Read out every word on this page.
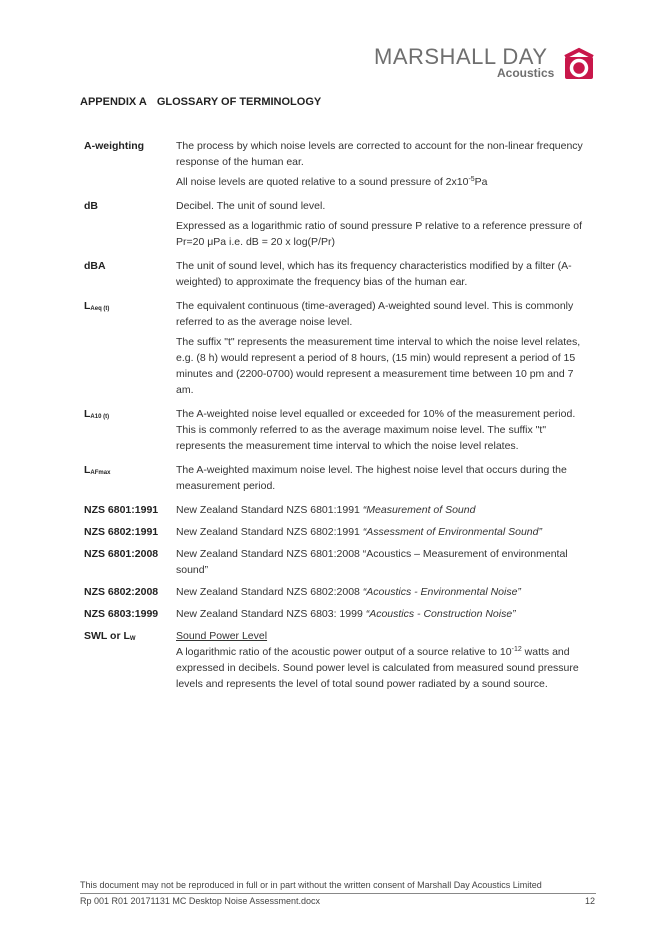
MARSHALL DAY
Acoustics
APPENDIX A GLOSSARY OF TERMINOLOGY
A-weighting	The process by which noise levels are corrected to account for the non-linear frequency response of the human ear.

All noise levels are quoted relative to a sound pressure of $2x10^{-5}Pa$

dB	Decibel. The unit of sound level.

Expressed as a logarithmic ratio of sound pressure P relative to a reference pressure of Pr=20 μPa i.e. dB = 20 x log(P/Pr)

dBA	The unit of sound level, which has its frequency characteristics modified by a filter (A-weighted) to approximate the frequency bias of the human ear.

$L_{Aeq (t)}$	The equivalent continuous (time-averaged) A-weighted sound level. This is commonly referred to as the average noise level.

The suffix "t" represents the measurement time interval to which the noise level relates, e.g. (8 h) would represent a period of 8 hours, (15 min) would represent a period of 15 minutes and (2200-0700) would represent a measurement time between 10 pm and 7 am.

$L_{A10 (t)}$	The A-weighted noise level equalled or exceeded for 10% of the measurement period. This is commonly referred to as the average maximum noise level. The suffix "t" represents the measurement time interval to which the noise level relates.

$L_{AFmax}$	The A-weighted maximum noise level. The highest noise level that occurs during the measurement period.

NZS 6801:1991	New Zealand Standard NZS 6801:1991 “Measurement of Sound

NZS 6802:1991	New Zealand Standard NZS 6802:1991 “Assessment of Environmental Sound”

NZS 6801:2008	New Zealand Standard NZS 6801:2008 “Acoustics – Measurement of environmental sound”

NZS 6802:2008	New Zealand Standard NZS 6802:2008 “Acoustics - Environmental Noise”

NZS 6803:1999	New Zealand Standard NZS 6803: 1999 “Acoustics - Construction Noise”

SWL or $L_W$	Sound Power Level

A logarithmic ratio of the acoustic power output of a source relative to $10^{-12}$ watts and expressed in decibels. Sound power level is calculated from measured sound pressure levels and represents the level of total sound power radiated by a sound source.

This document may not be reproduced in full or in part without the written consent of Marshall Day Acoustics Limited
Rp 001 R01 20171131 MC Desktop Noise Assessment.docx	12
